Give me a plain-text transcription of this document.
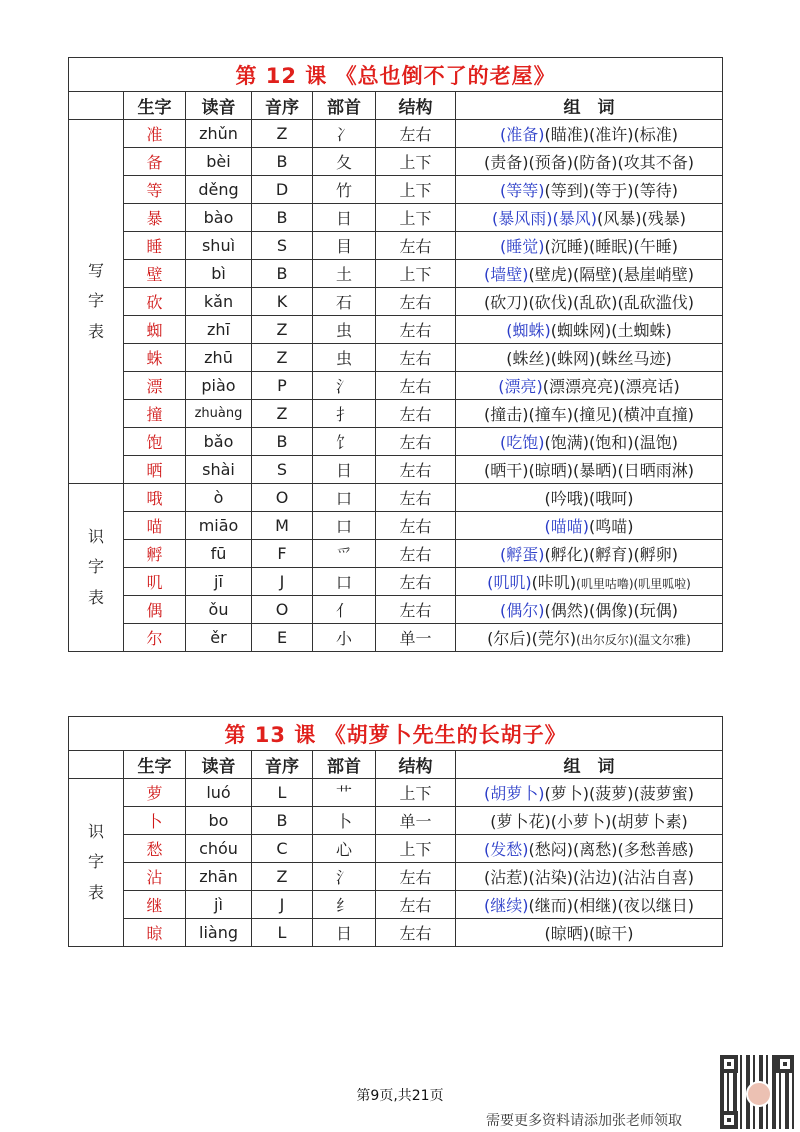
第 12 课 《总也倒不了的老屋》						
	生字	读音	音序	部首	结构	组　词

写
字
表	准	zhǔn	Z	冫	左右	(准备)(瞄准)(准许)(标准)
	备	bèi	B	夂	上下	(责备)(预备)(防备)(攻其不备)
	等	děng	D	竹	上下	(等等)(等到)(等于)(等待)
	暴	bào	B	日	上下	(暴风雨)(暴风)(风暴)(残暴)
	睡	shuì	S	目	左右	(睡觉)(沉睡)(睡眠)(午睡)
	壁	bì	B	土	上下	(墙壁)(壁虎)(隔壁)(悬崖峭壁)
	砍	kǎn	K	石	左右	(砍刀)(砍伐)(乱砍)(乱砍滥伐)
	蜘	zhī	Z	虫	左右	(蜘蛛)(蜘蛛网)(土蜘蛛)
	蛛	zhū	Z	虫	左右	(蛛丝)(蛛网)(蛛丝马迹)
	漂	piào	P	氵	左右	(漂亮)(漂漂亮亮)(漂亮话)
	撞	zhuàng	Z	扌	左右	(撞击)(撞车)(撞见)(横冲直撞)
	饱	bǎo	B	饣	左右	(吃饱)(饱满)(饱和)(温饱)
	晒	shài	S	日	左右	(晒干)(晾晒)(暴晒)(日晒雨淋)

识
字
表	哦	ò	O	口	左右	(吟哦)(哦呵)
	喵	miāo	M	口	左右	(喵喵)(鸣喵)
	孵	fū	F	爫	左右	(孵蛋)(孵化)(孵育)(孵卵)
	叽	jī	J	口	左右	(叽叽)(咔叽)(叽里咕噜)(叽里呱啦)
	偶	ǒu	O	亻	左右	(偶尔)(偶然)(偶像)(玩偶)
	尔	ěr	E	小	单一	(尔后)(莞尔)(出尔反尔)(温文尔雅)
第 13 课 《胡萝卜先生的长胡子》						
	生字	读音	音序	部首	结构	组　词

识
字
表	萝	luó	L	艹	上下	(胡萝卜)(萝卜)(菠萝)(菠萝蜜)
	卜	bo	B	卜	单一	(萝卜花)(小萝卜)(胡萝卜素)
	愁	chóu	C	心	上下	(发愁)(愁闷)(离愁)(多愁善感)
	沾	zhān	Z	氵	左右	(沾惹)(沾染)(沾边)(沾沾自喜)
	继	jì	J	纟	左右	(继续)(继而)(相继)(夜以继日)
	晾	liàng	L	日	左右	(晾晒)(晾干)
第9页,共21页
需要更多资料请添加张老师领取
